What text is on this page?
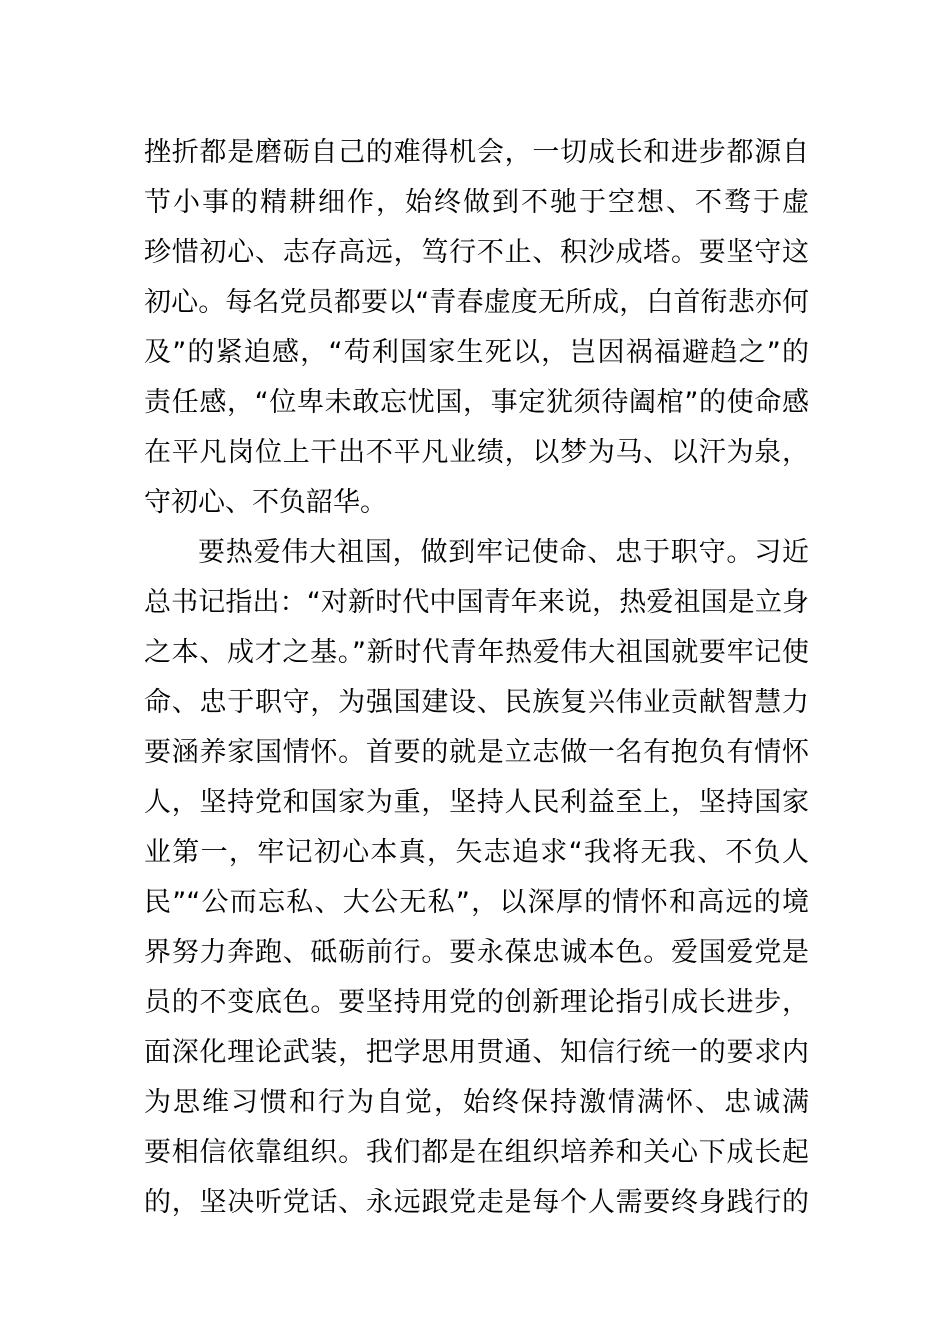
挫折都是磨砺自己的难得机会，一切成长和进步都源自
节小事的精耕细作，始终做到不驰于空想、不骛于虚
珍惜初心、志存高远，笃行不止、积沙成塔。要坚守这
初心。每名党员都要以“青春虚度无所成，白首衔悲亦何
及”的紧迫感，“苟利国家生死以，岂因祸福避趋之”的
责任感，“位卑未敢忘忧国，事定犹须待阖棺”的使命感
在平凡岗位上干出不平凡业绩，以梦为马、以汗为泉，
守初心、不负韶华。
要热爱伟大祖国，做到牢记使命、忠于职守。习近
总书记指出：“对新时代中国青年来说，热爱祖国是立身
之本、成才之基。”新时代青年热爱伟大祖国就要牢记使
命、忠于职守，为强国建设、民族复兴伟业贡献智慧力
要涵养家国情怀。首要的就是立志做一名有抱负有情怀
人，坚持党和国家为重，坚持人民利益至上，坚持国家
业第一，牢记初心本真，矢志追求“我将无我、不负人
民”“公而忘私、大公无私”，以深厚的情怀和高远的境
界努力奔跑、砥砺前行。要永葆忠诚本色。爱国爱党是
员的不变底色。要坚持用党的创新理论指引成长进步，
面深化理论武装，把学思用贯通、知信行统一的要求内
为思维习惯和行为自觉，始终保持激情满怀、忠诚满
要相信依靠组织。我们都是在组织培养和关心下成长起
的，坚决听党话、永远跟党走是每个人需要终身践行的
